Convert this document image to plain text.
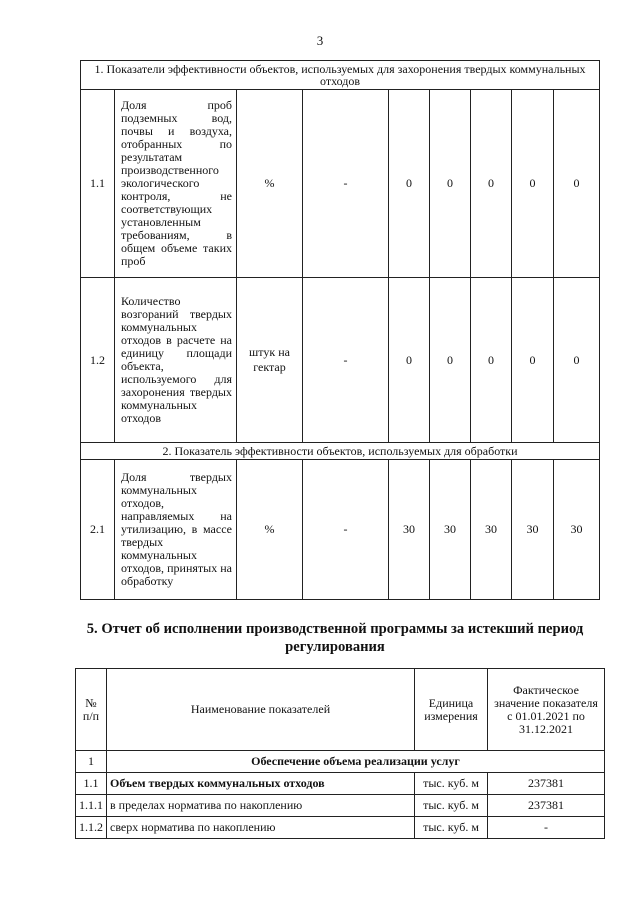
3
1. Показатели эффективности объектов, используемых для захоронения твердых коммунальных отходов								
1.1	Доля проб подземных вод, почвы и воздуха, отобранных по результатам производственного экологического контроля, не соответствующих установленным требованиям, в общем объеме таких проб	%	-	0	0	0	0	0
1.2	Количество возгораний твердых коммунальных отходов в расчете на единицу площади объекта, используемого для захоронения твердых коммунальных отходов	штук на гектар	-	0	0	0	0	0
2. Показатель эффективности объектов, используемых для обработки								
2.1	Доля твердых коммунальных отходов, направляемых на утилизацию, в массе твердых коммунальных отходов, принятых на обработку	%	-	30	30	30	30	30
5. Отчет об исполнении производственной программы за истекший период регулирования
№ п/п	Наименование показателей	Единица измерения	Фактическое значение показателя с 01.01.2021 по 31.12.2021
1	Обеспечение объема реализации услуг		
1.1	Объем твердых коммунальных отходов	тыс. куб. м	237381
1.1.1	в пределах норматива по накоплению	тыс. куб. м	237381
1.1.2	сверх норматива по накоплению	тыс. куб. м	-
